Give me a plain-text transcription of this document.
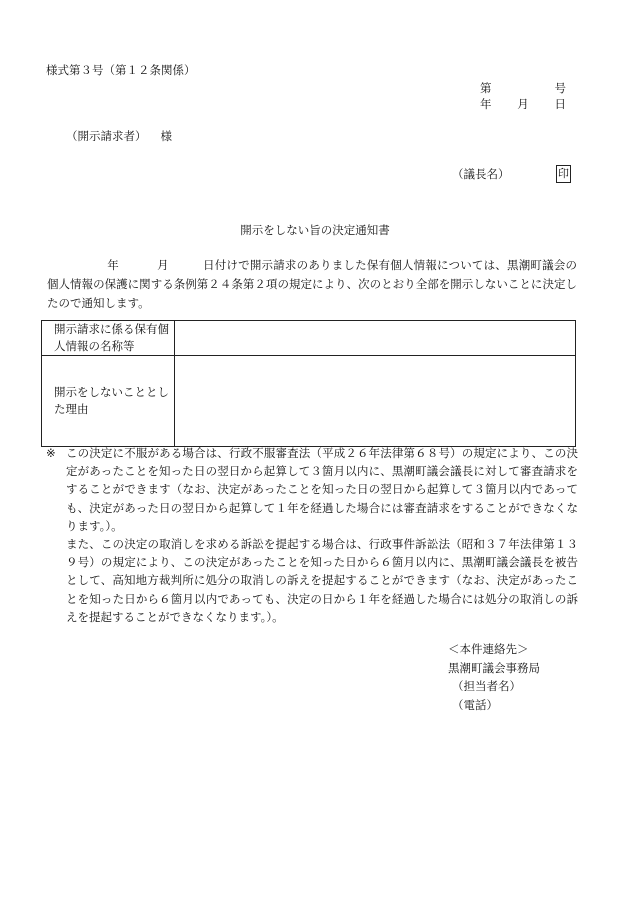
様式第３号（第１２条関係）
第	号
年 月 日
（開示請求者） 様
（議長名）	印
開示をしない旨の決定通知書
年	月	日付けで開示請求のありました保有個人情報については、黒潮町議会の個人情報の保護に関する条例第２４条第２項の規定により、次のとおり全部を開示しないことに決定したので通知します。
開示請求に係る保有個人情報の名称等	
開示をしないこととした理由	
※ この決定に不服がある場合は、行政不服審査法（平成２６年法律第６８号）の規定により、この決定があったことを知った日の翌日から起算して３箇月以内に、黒潮町議会議長に対して審査請求をすることができます（なお、決定があったことを知った日の翌日から起算して３箇月以内であっても、決定があった日の翌日から起算して１年を経過した場合には審査請求をすることができなくなります。）。

また、この決定の取消しを求める訴訟を提起する場合は、行政事件訴訟法（昭和３７年法律第１３９号）の規定により、この決定があったことを知った日から６箇月以内に、黒潮町議会議長を被告として、高知地方裁判所に処分の取消しの訴えを提起することができます（なお、決定があったことを知った日から６箇月以内であっても、決定の日から１年を経過した場合には処分の取消しの訴えを提起することができなくなります。）。

＜本件連絡先＞
黒潮町議会事務局
（担当者名）
（電話）
